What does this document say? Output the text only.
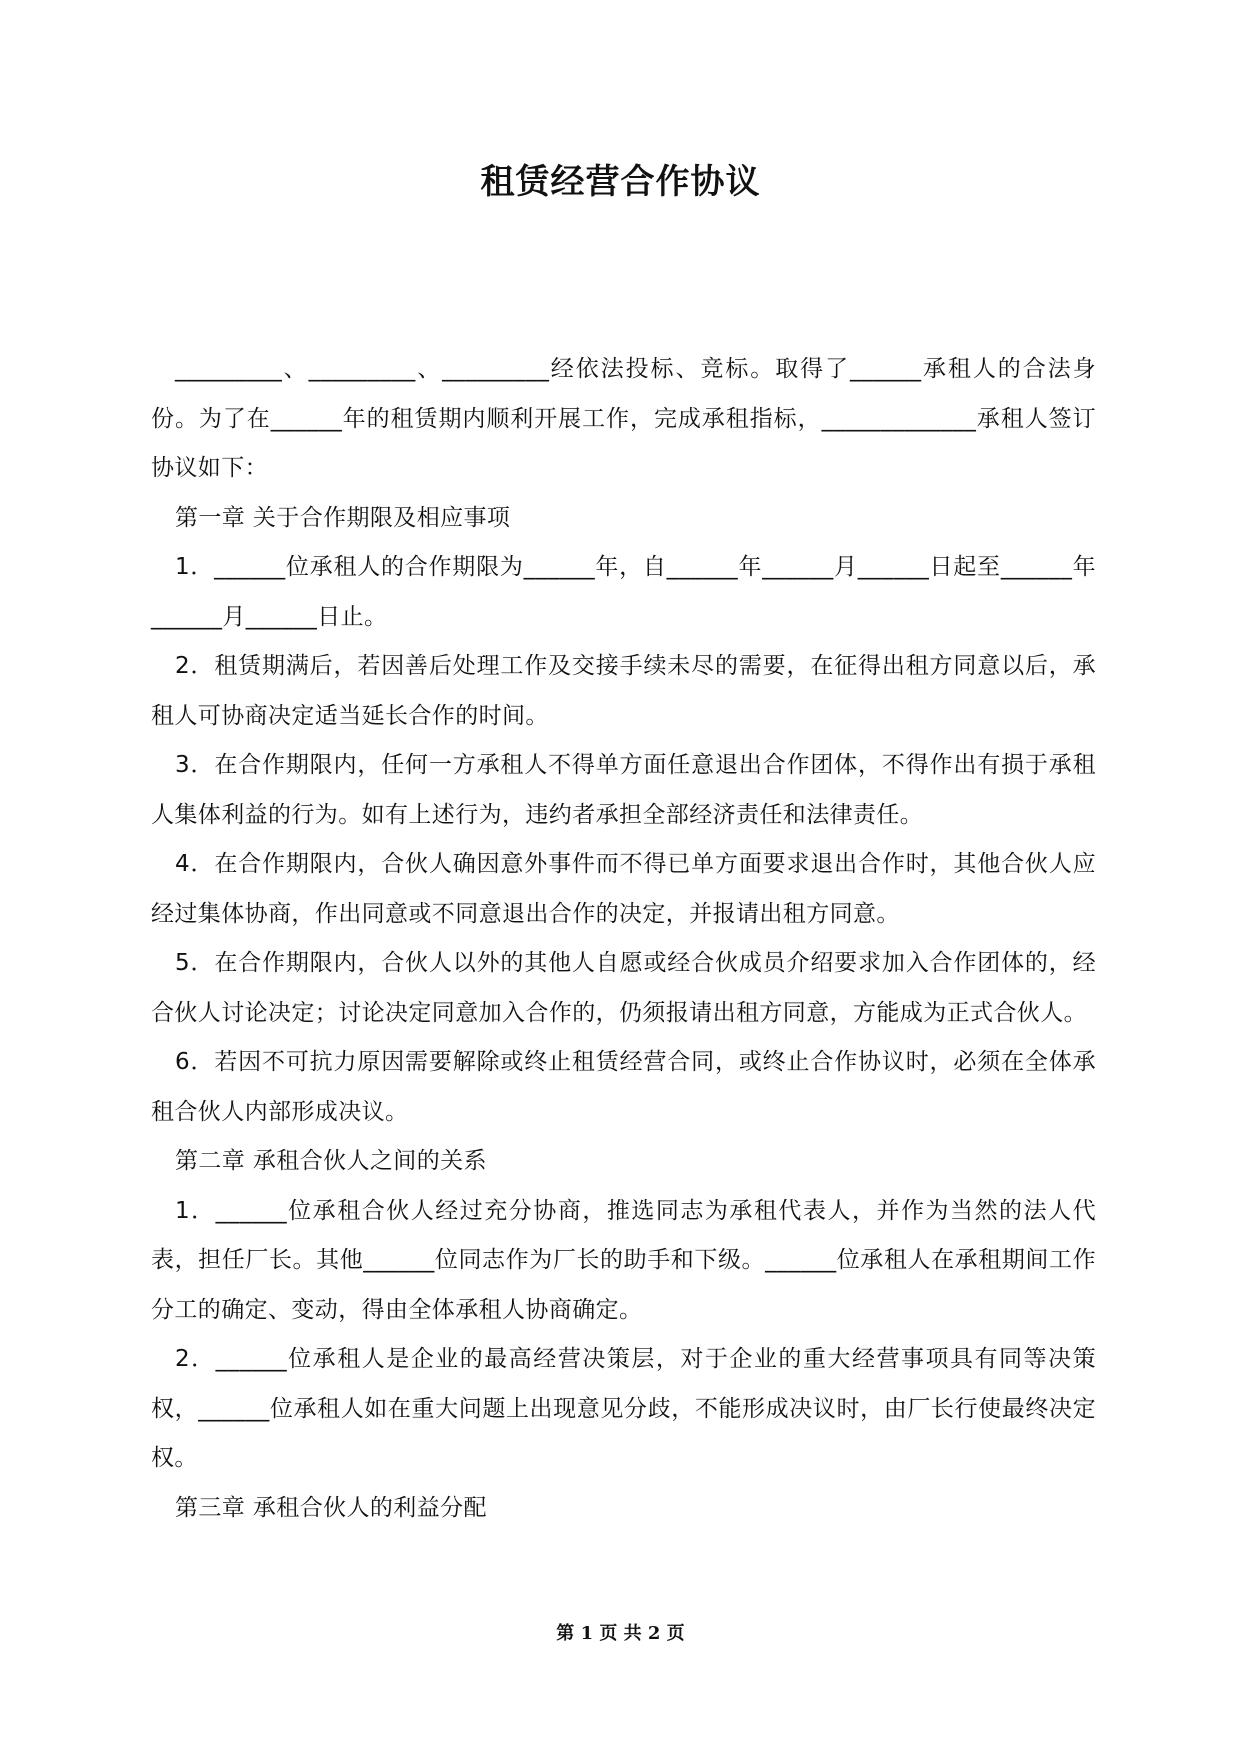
租赁经营合作协议

_________、_________、_________经依法投标、竞标。取得了______承租人的合法身份。为了在______年的租赁期内顺利开展工作，完成承租指标，_____________承租人签订协议如下：

第一章 关于合作期限及相应事项

1．______位承租人的合作期限为______年，自______年______月______日起至______年______月______日止。

2．租赁期满后，若因善后处理工作及交接手续未尽的需要，在征得出租方同意以后，承租人可协商决定适当延长合作的时间。

3．在合作期限内，任何一方承租人不得单方面任意退出合作团体，不得作出有损于承租人集体利益的行为。如有上述行为，违约者承担全部经济责任和法律责任。

4．在合作期限内，合伙人确因意外事件而不得已单方面要求退出合作时，其他合伙人应经过集体协商，作出同意或不同意退出合作的决定，并报请出租方同意。

5．在合作期限内，合伙人以外的其他人自愿或经合伙成员介绍要求加入合作团体的，经合伙人讨论决定；讨论决定同意加入合作的，仍须报请出租方同意，方能成为正式合伙人。

6．若因不可抗力原因需要解除或终止租赁经营合同，或终止合作协议时，必须在全体承租合伙人内部形成决议。

第二章 承租合伙人之间的关系

1．______位承租合伙人经过充分协商，推选同志为承租代表人，并作为当然的法人代表，担任厂长。其他______位同志作为厂长的助手和下级。______位承租人在承租期间工作分工的确定、变动，得由全体承租人协商确定。

2．______位承租人是企业的最高经营决策层，对于企业的重大经营事项具有同等决策权，______位承租人如在重大问题上出现意见分歧，不能形成决议时，由厂长行使最终决定权。

第三章 承租合伙人的利益分配

第 1 页 共 2 页
